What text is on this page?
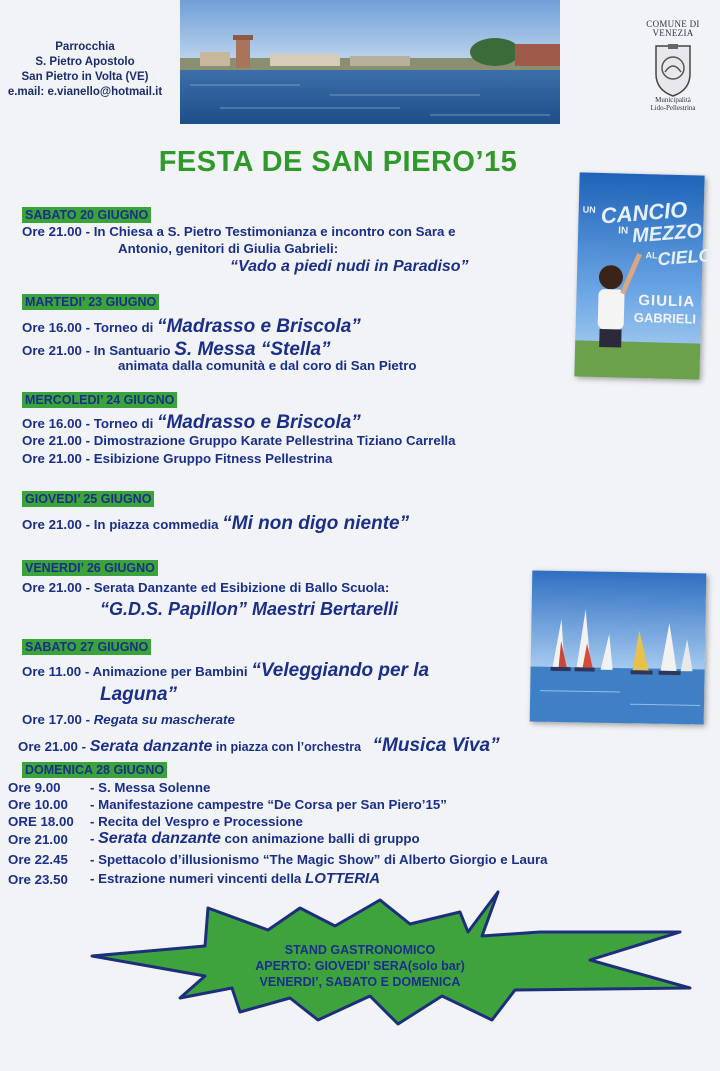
Parrocchia
S. Pietro Apostolo
San Pietro in Volta (VE)
e.mail: e.vianello@hotmail.it
COMUNE DI
VENEZIA
Municipalità
Lido-Pellestrina
FESTA DE SAN PIERO’15
UN CANCIO
IN MEZZO
AL CIELO
GIULIA
GABRIELI
SABATO 20 GIUGNO
Ore 21.00 - In Chiesa a S. Pietro Testimonianza e incontro con Sara e
Antonio, genitori di Giulia Gabrieli:
“Vado a piedi nudi in Paradiso”
MARTEDI’ 23 GIUGNO
Ore 16.00 - Torneo di “Madrasso e Briscola”
Ore 21.00 - In Santuario S. Messa “Stella”
animata dalla comunità e dal coro di San Pietro
MERCOLEDI’ 24 GIUGNO
Ore 16.00 - Torneo di “Madrasso e Briscola”
Ore 21.00 - Dimostrazione Gruppo Karate Pellestrina Tiziano Carrella
Ore 21.00 - Esibizione Gruppo Fitness Pellestrina
GIOVEDI’ 25 GIUGNO
Ore 21.00 - In piazza commedia “Mi non digo niente”
VENERDI’ 26 GIUGNO
Ore 21.00 - Serata Danzante ed Esibizione di Ballo Scuola:
“G.D.S. Papillon” Maestri Bertarelli
SABATO 27 GIUGNO
Ore 11.00 - Animazione per Bambini “Veleggiando per la
Laguna”
Ore 17.00 - Regata su mascherate
Ore 21.00 - Serata danzante in piazza con l’orchestra “Musica Viva”
DOMENICA 28 GIUGNO
Ore 9.00 - S. Messa Solenne
Ore 10.00 - Manifestazione campestre “De Corsa per San Piero’15”
ORE 18.00 - Recita del Vespro e Processione
Ore 21.00 - Serata danzante con animazione balli di gruppo
Ore 22.45 - Spettacolo d’illusionismo “The Magic Show” di Alberto Giorgio e Laura
Ore 23.50 - Estrazione numeri vincenti della LOTTERIA
STAND GASTRONOMICO
APERTO: GIOVEDI’ SERA(solo bar)
VENERDI’, SABATO E DOMENICA
